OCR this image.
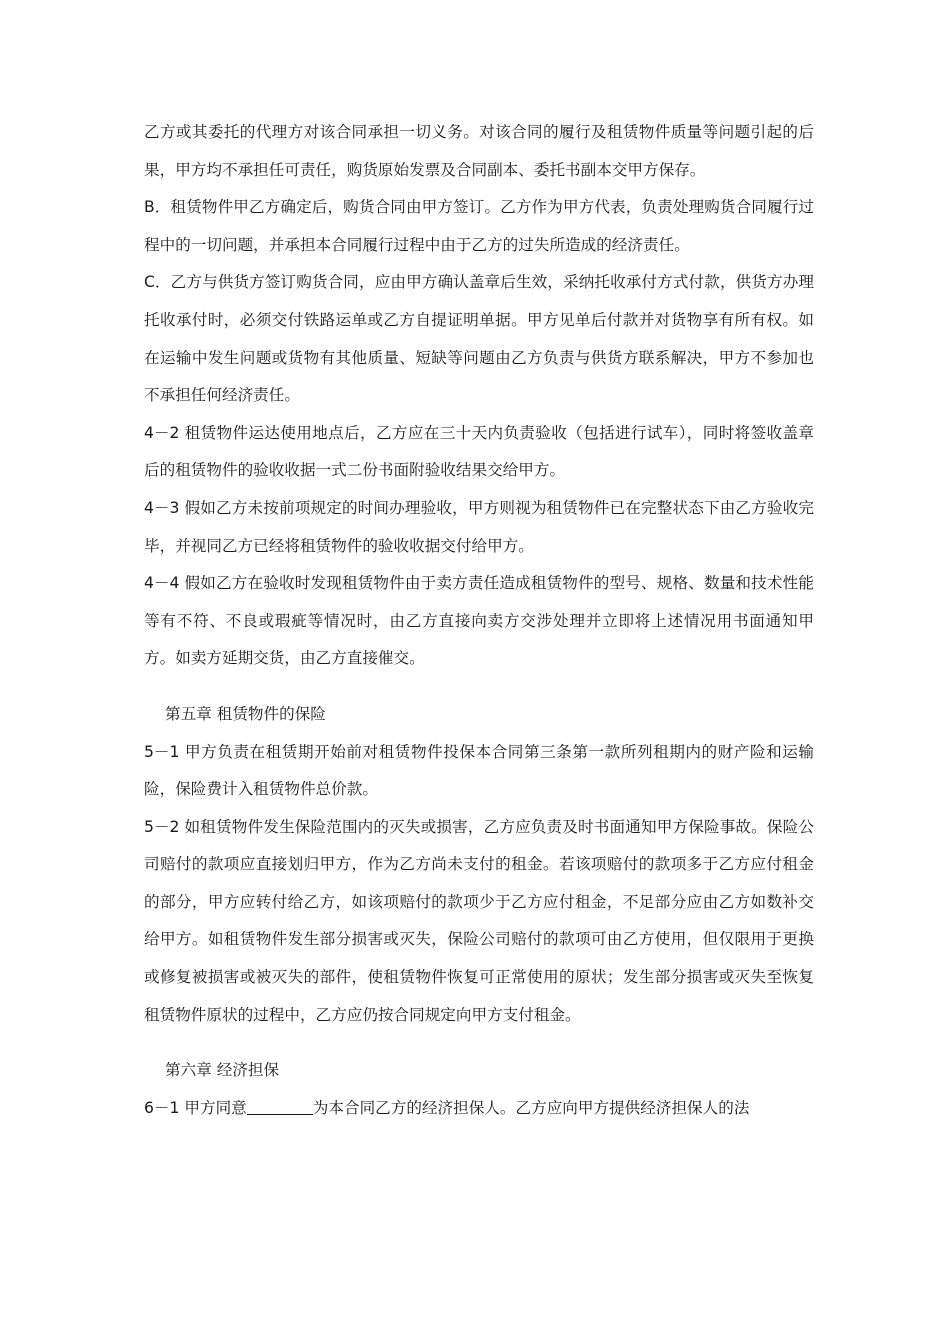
乙方或其委托的代理方对该合同承担一切义务。对该合同的履行及租赁物件质量等问题引起的后果，甲方均不承担任可责任，购货原始发票及合同副本、委托书副本交甲方保存。

B．租赁物件甲乙方确定后，购货合同由甲方签订。乙方作为甲方代表，负责处理购货合同履行过程中的一切问题，并承担本合同履行过程中由于乙方的过失所造成的经济责任。

C．乙方与供货方签订购货合同，应由甲方确认盖章后生效，采纳托收承付方式付款，供货方办理托收承付时，必须交付铁路运单或乙方自提证明单据。甲方见单后付款并对货物享有所有权。如在运输中发生问题或货物有其他质量、短缺等问题由乙方负责与供货方联系解决，甲方不参加也不承担任何经济责任。

4－2 租赁物件运达使用地点后，乙方应在三十天内负责验收（包括进行试车），同时将签收盖章后的租赁物件的验收收据一式二份书面附验收结果交给甲方。

4－3 假如乙方未按前项规定的时间办理验收，甲方则视为租赁物件已在完整状态下由乙方验收完毕，并视同乙方已经将租赁物件的验收收据交付给甲方。

4－4 假如乙方在验收时发现租赁物件由于卖方责任造成租赁物件的型号、规格、数量和技术性能等有不符、不良或瑕疵等情况时，由乙方直接向卖方交涉处理并立即将上述情况用书面通知甲方。如卖方延期交货，由乙方直接催交。

第五章 租赁物件的保险

5－1 甲方负责在租赁期开始前对租赁物件投保本合同第三条第一款所列租期内的财产险和运输险，保险费计入租赁物件总价款。

5－2 如租赁物件发生保险范围内的灭失或损害，乙方应负责及时书面通知甲方保险事故。保险公司赔付的款项应直接划归甲方，作为乙方尚未支付的租金。若该项赔付的款项多于乙方应付租金的部分，甲方应转付给乙方，如该项赔付的款项少于乙方应付租金，不足部分应由乙方如数补交给甲方。如租赁物件发生部分损害或灭失，保险公司赔付的款项可由乙方使用，但仅限用于更换或修复被损害或被灭失的部件，使租赁物件恢复可正常使用的原状；发生部分损害或灭失至恢复租赁物件原状的过程中，乙方应仍按合同规定向甲方支付租金。

第六章 经济担保

6－1 甲方同意	为本合同乙方的经济担保人。乙方应向甲方提供经济担保人的法
